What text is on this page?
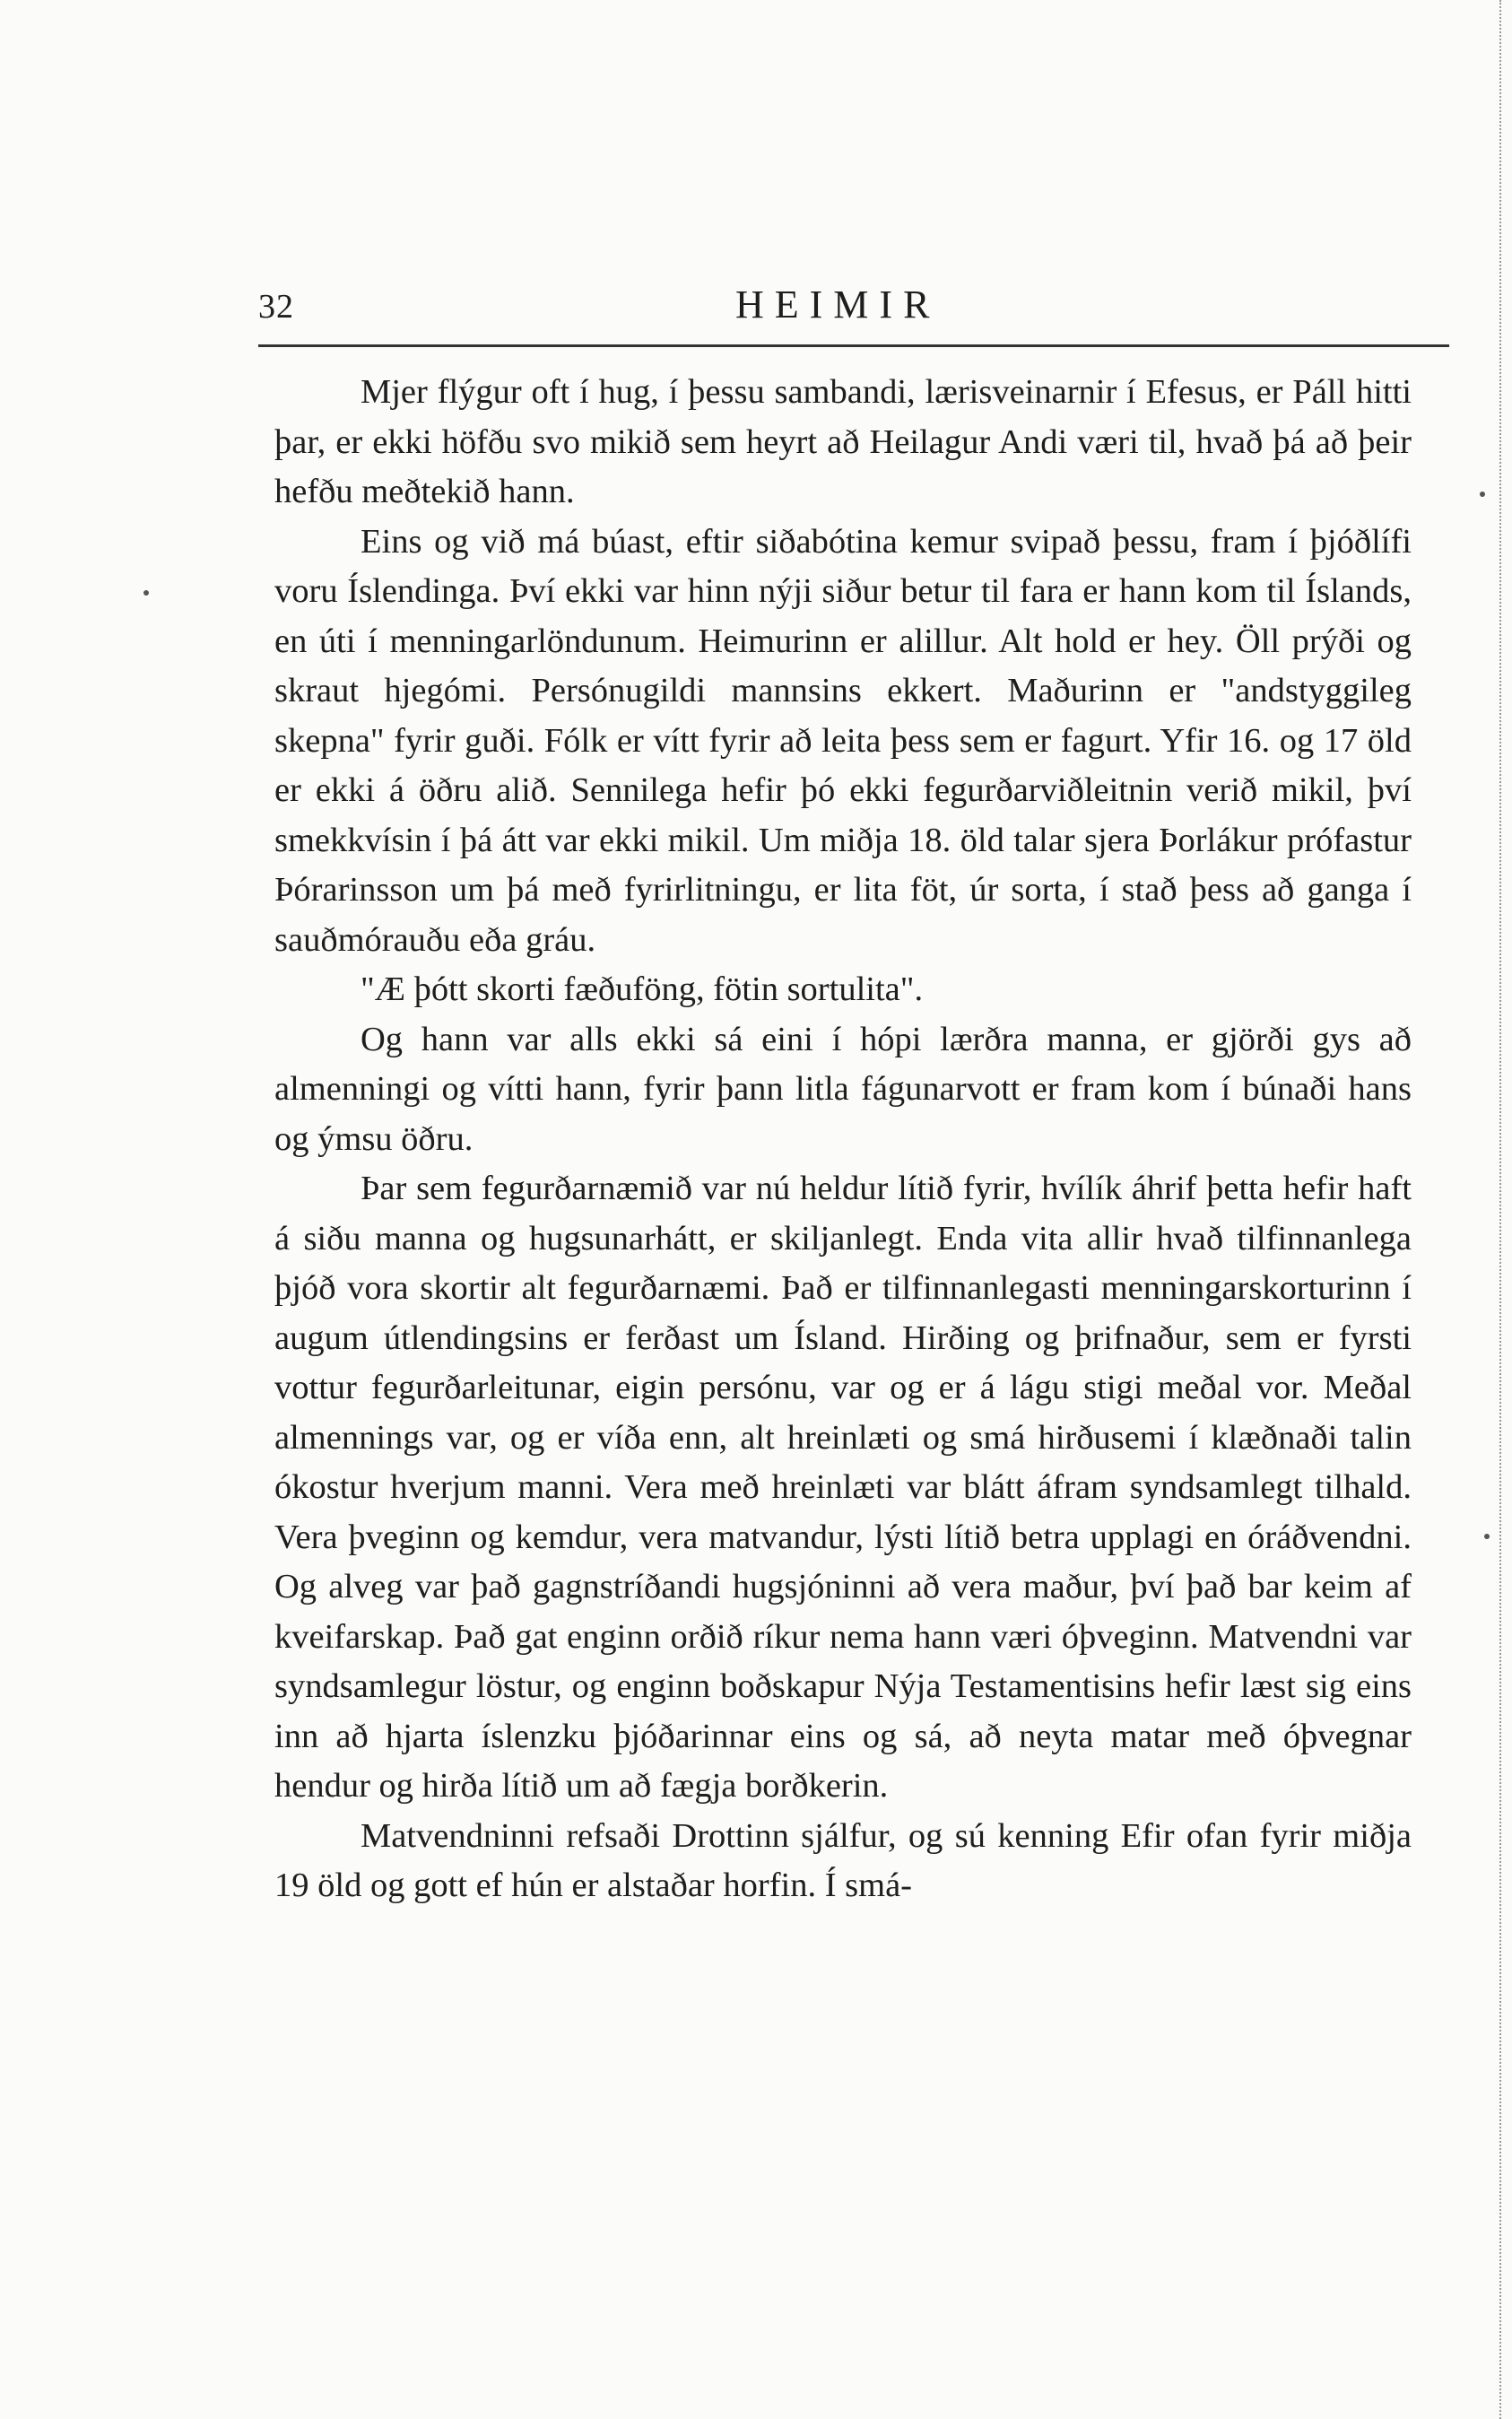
32	HEIMIR

Mjer flýgur oft í hug, í þessu sambandi, lærisveinarnir í Efesus, er Páll hitti þar, er ekki höfðu svo mikið sem heyrt að Heilagur Andi væri til, hvað þá að þeir hefðu meðtekið hann.

Eins og við má búast, eftir siðabótina kemur svipað þessu, fram í þjóðlífi voru Íslendinga. Því ekki var hinn nýji siður betur til fara er hann kom til Íslands, en úti í menningarlöndunum. Heimurinn er alillur. Alt hold er hey. Öll prýði og skraut hjegómi. Persónugildi mannsins ekkert. Maðurinn er "andstyggileg skepna" fyrir guði. Fólk er vítt fyrir að leita þess sem er fagurt. Yfir 16. og 17 öld er ekki á öðru alið. Sennilega hefir þó ekki fegurðarviðleitnin verið mikil, því smekkvísin í þá átt var ekki mikil. Um miðja 18. öld talar sjera Þorlákur prófastur Þórarinsson um þá með fyrirlitningu, er lita föt, úr sorta, í stað þess að ganga í sauðmórauðu eða gráu.

"Æ þótt skorti fæðuföng, fötin sortulita".

Og hann var alls ekki sá eini í hópi lærðra manna, er gjörði gys að almenningi og vítti hann, fyrir þann litla fágunarvott er fram kom í búnaði hans og ýmsu öðru.

Þar sem fegurðarnæmið var nú heldur lítið fyrir, hvílík áhrif þetta hefir haft á siðu manna og hugsunarhátt, er skiljanlegt. Enda vita allir hvað tilfinnanlega þjóð vora skortir alt fegurðarnæmi. Það er tilfinnanlegasti menningarskorturinn í augum útlendingsins er ferðast um Ísland. Hirðing og þrifnaður, sem er fyrsti vottur fegurðarleitunar, eigin persónu, var og er á lágu stigi meðal vor. Meðal almennings var, og er víða enn, alt hreinlæti og smá hirðusemi í klæðnaði talin ókostur hverjum manni. Vera með hreinlæti var blátt áfram syndsamlegt tilhald. Vera þveginn og kemdur, vera matvandur, lýsti lítið betra upplagi en óráðvendni. Og alveg var það gagnstríðandi hugsjóninni að vera maður, því það bar keim af kveifarskap. Það gat enginn orðið ríkur nema hann væri óþveginn. Matvendni var syndsamlegur löstur, og enginn boðskapur Nýja Testamentisins hefir læst sig eins inn að hjarta íslenzku þjóðarinnar eins og sá, að neyta matar með óþvegnar hendur og hirða lítið um að fægja borðkerin.

Matvendninni refsaði Drottinn sjálfur, og sú kenning Efir ofan fyrir miðja 19 öld og gott ef hún er alstaðar horfin. Í smá-
